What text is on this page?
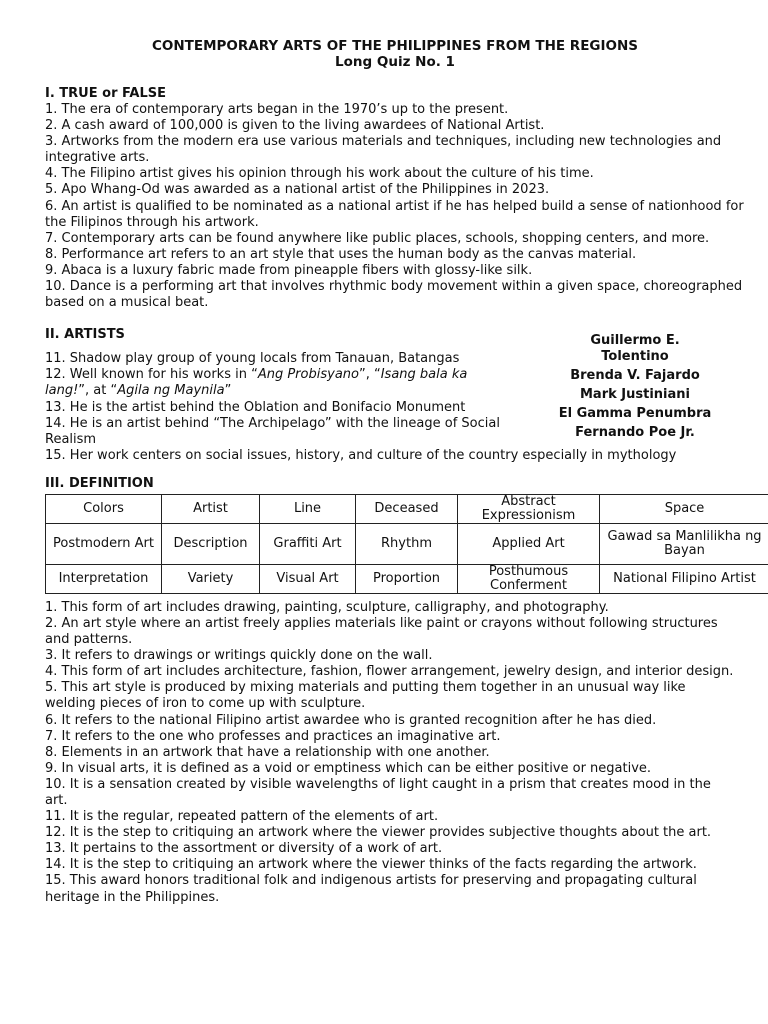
CONTEMPORARY ARTS OF THE PHILIPPINES FROM THE REGIONS

Long Quiz No. 1

I. TRUE or FALSE

1. The era of contemporary arts began in the 1970’s up to the present.

2. A cash award of 100,000 is given to the living awardees of National Artist.

3. Artworks from the modern era use various materials and techniques, including new technologies and integrative arts.

4. The Filipino artist gives his opinion through his work about the culture of his time.

5. Apo Whang-Od was awarded as a national artist of the Philippines in 2023.

6. An artist is qualified to be nominated as a national artist if he has helped build a sense of nationhood for the Filipinos through his artwork.

7. Contemporary arts can be found anywhere like public places, schools, shopping centers, and more.

8. Performance art refers to an art style that uses the human body as the canvas material.

9. Abaca is a luxury fabric made from pineapple fibers with glossy-like silk.

10. Dance is a performing art that involves rhythmic body movement within a given space, choreographed based on a musical beat.

II. ARTISTS

11. Shadow play group of young locals from Tanauan, Batangas

12. Well known for his works in “Ang Probisyano”, “Isang bala ka lang!”, at “Agila ng Maynila”

13. He is the artist behind the Oblation and Bonifacio Monument

14. He is an artist behind “The Archipelago” with the lineage of Social Realism

15. Her work centers on social issues, history, and culture of the country especially in mythology

Guillermo E. Tolentino
Brenda V. Fajardo
Mark Justiniani
El Gamma Penumbra
Fernando Poe Jr.

III. DEFINITION

Colors	Artist	Line	Deceased	Abstract Expressionism	Space
Postmodern Art	Description	Graffiti Art	Rhythm	Applied Art	Gawad sa Manlilikha ng Bayan
Interpretation	Variety	Visual Art	Proportion	Posthumous Conferment	National Filipino Artist

1. This form of art includes drawing, painting, sculpture, calligraphy, and photography.

2. An art style where an artist freely applies materials like paint or crayons without following structures and patterns.

3. It refers to drawings or writings quickly done on the wall.

4. This form of art includes architecture, fashion, flower arrangement, jewelry design, and interior design.

5. This art style is produced by mixing materials and putting them together in an unusual way like welding pieces of iron to come up with sculpture.

6. It refers to the national Filipino artist awardee who is granted recognition after he has died.

7. It refers to the one who professes and practices an imaginative art.

8. Elements in an artwork that have a relationship with one another.

9. In visual arts, it is defined as a void or emptiness which can be either positive or negative.

10. It is a sensation created by visible wavelengths of light caught in a prism that creates mood in the art.

11. It is the regular, repeated pattern of the elements of art.

12. It is the step to critiquing an artwork where the viewer provides subjective thoughts about the art.

13. It pertains to the assortment or diversity of a work of art.

14. It is the step to critiquing an artwork where the viewer thinks of the facts regarding the artwork.

15. This award honors traditional folk and indigenous artists for preserving and propagating cultural heritage in the Philippines.
